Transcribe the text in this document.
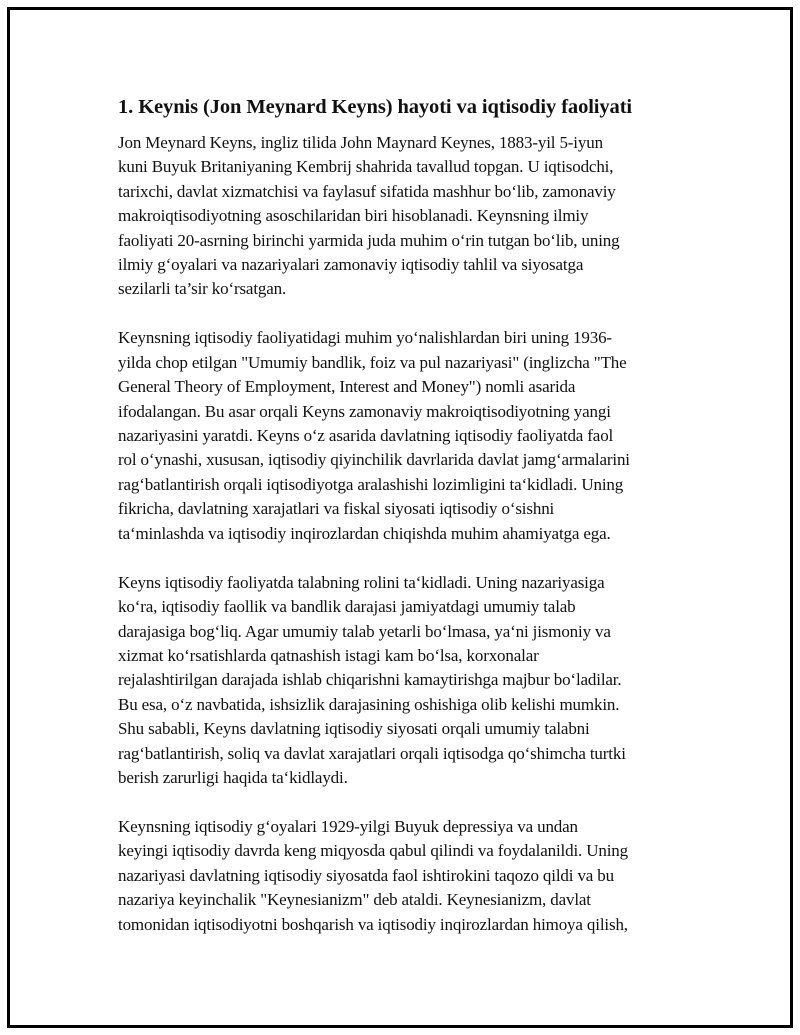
1. Keynis (Jon Meynard Keyns) hayoti va iqtisodiy faoliyati

Jon Meynard Keyns, ingliz tilida John Maynard Keynes, 1883-yil 5-iyun
kuni Buyuk Britaniyaning Kembrij shahrida tavallud topgan. U iqtisodchi,
tarixchi, davlat xizmatchisi va faylasuf sifatida mashhur bo‘lib, zamonaviy
makroiqtisodiyotning asoschilaridan biri hisoblanadi. Keynsning ilmiy
faoliyati 20-asrning birinchi yarmida juda muhim o‘rin tutgan bo‘lib, uning
ilmiy g‘oyalari va nazariyalari zamonaviy iqtisodiy tahlil va siyosatga
sezilarli ta’sir ko‘rsatgan.

Keynsning iqtisodiy faoliyatidagi muhim yo‘nalishlardan biri uning 1936-
yilda chop etilgan "Umumiy bandlik, foiz va pul nazariyasi" (inglizcha "The
General Theory of Employment, Interest and Money") nomli asarida
ifodalangan. Bu asar orqali Keyns zamonaviy makroiqtisodiyotning yangi
nazariyasini yaratdi. Keyns o‘z asarida davlatning iqtisodiy faoliyatda faol
rol o‘ynashi, xususan, iqtisodiy qiyinchilik davrlarida davlat jamg‘armalarini
rag‘batlantirish orqali iqtisodiyotga aralashishi lozimligini ta‘kidladi. Uning
fikricha, davlatning xarajatlari va fiskal siyosati iqtisodiy o‘sishni
ta‘minlashda va iqtisodiy inqirozlardan chiqishda muhim ahamiyatga ega.

Keyns iqtisodiy faoliyatda talabning rolini ta‘kidladi. Uning nazariyasiga
ko‘ra, iqtisodiy faollik va bandlik darajasi jamiyatdagi umumiy talab
darajasiga bog‘liq. Agar umumiy talab yetarli bo‘lmasa, ya‘ni jismoniy va
xizmat ko‘rsatishlarda qatnashish istagi kam bo‘lsa, korxonalar
rejalashtirilgan darajada ishlab chiqarishni kamaytirishga majbur bo‘ladilar.
Bu esa, o‘z navbatida, ishsizlik darajasining oshishiga olib kelishi mumkin.
Shu sababli, Keyns davlatning iqtisodiy siyosati orqali umumiy talabni
rag‘batlantirish, soliq va davlat xarajatlari orqali iqtisodga qo‘shimcha turtki
berish zarurligi haqida ta‘kidlaydi.

Keynsning iqtisodiy g‘oyalari 1929-yilgi Buyuk depressiya va undan
keyingi iqtisodiy davrda keng miqyosda qabul qilindi va foydalanildi. Uning
nazariyasi davlatning iqtisodiy siyosatda faol ishtirokini taqozo qildi va bu
nazariya keyinchalik "Keynesianizm" deb ataldi. Keynesianizm, davlat
tomonidan iqtisodiyotni boshqarish va iqtisodiy inqirozlardan himoya qilish,
